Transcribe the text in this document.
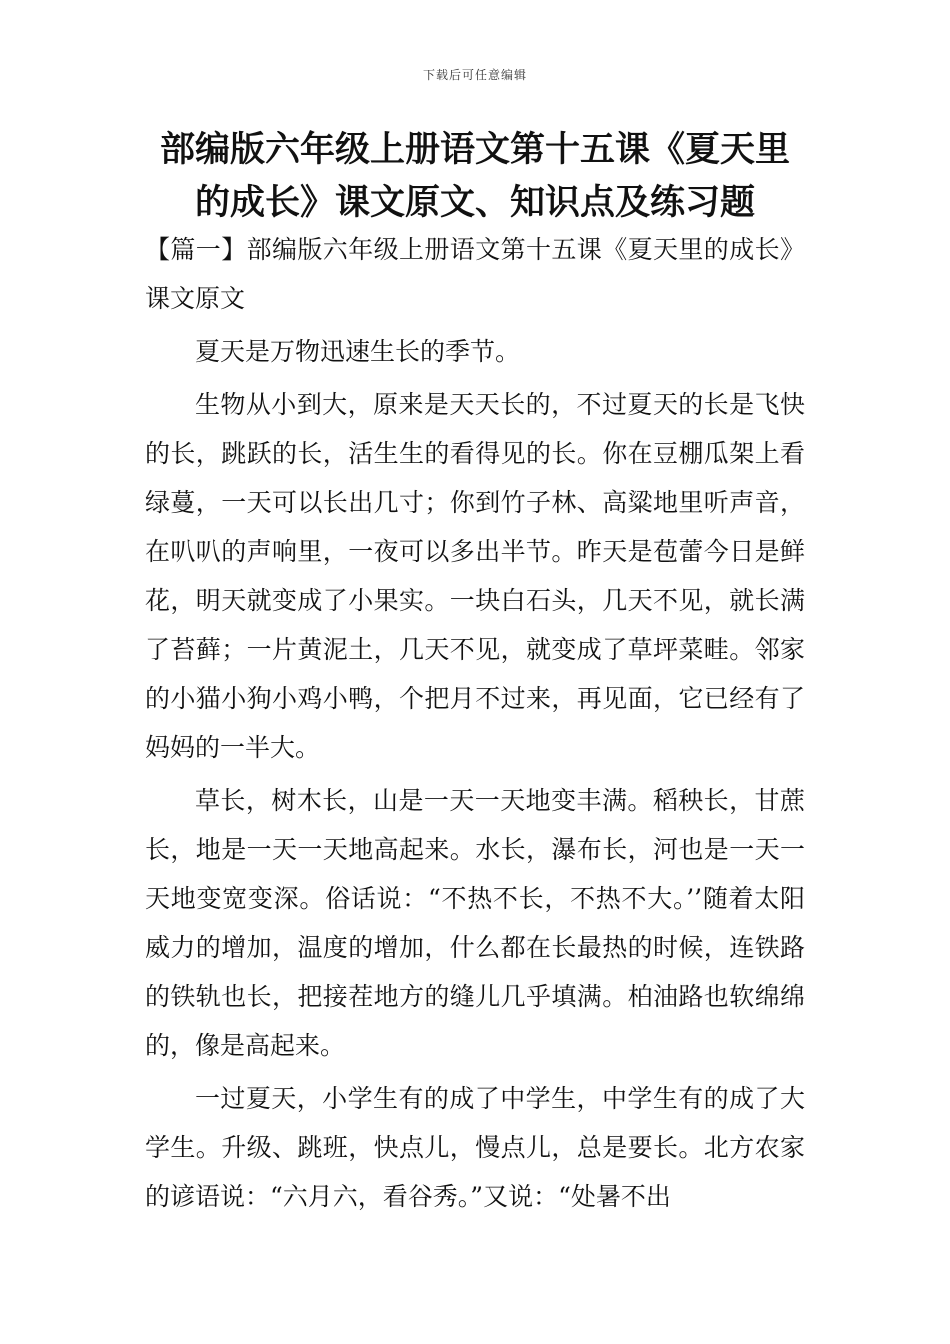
下载后可任意编辑
部编版六年级上册语文第十五课《夏天里的成长》课文原文、知识点及练习题

【篇一】部编版六年级上册语文第十五课《夏天里的成长》课文原文

夏天是万物迅速生长的季节。

生物从小到大，原来是天天长的，不过夏天的长是飞快的长，跳跃的长，活生生的看得见的长。你在豆棚瓜架上看绿蔓，一天可以长出几寸；你到竹子林、高粱地里听声音，在叭叭的声响里，一夜可以多出半节。昨天是苞蕾今日是鲜花，明天就变成了小果实。一块白石头，几天不见，就长满了苔藓；一片黄泥土，几天不见，就变成了草坪菜畦。邻家的小猫小狗小鸡小鸭，个把月不过来，再见面，它已经有了妈妈的一半大。

草长，树木长，山是一天一天地变丰满。稻秧长，甘蔗长，地是一天一天地高起来。水长，瀑布长，河也是一天一天地变宽变深。俗话说：“不热不长，不热不大。’’随着太阳威力的增加，温度的增加，什么都在长最热的时候，连铁路的铁轨也长，把接茬地方的缝儿几乎填满。柏油路也软绵绵的，像是高起来。

一过夏天，小学生有的成了中学生，中学生有的成了大学生。升级、跳班，快点儿，慢点儿，总是要长。北方农家的谚语说：“六月六，看谷秀。”又说：“处暑不出
